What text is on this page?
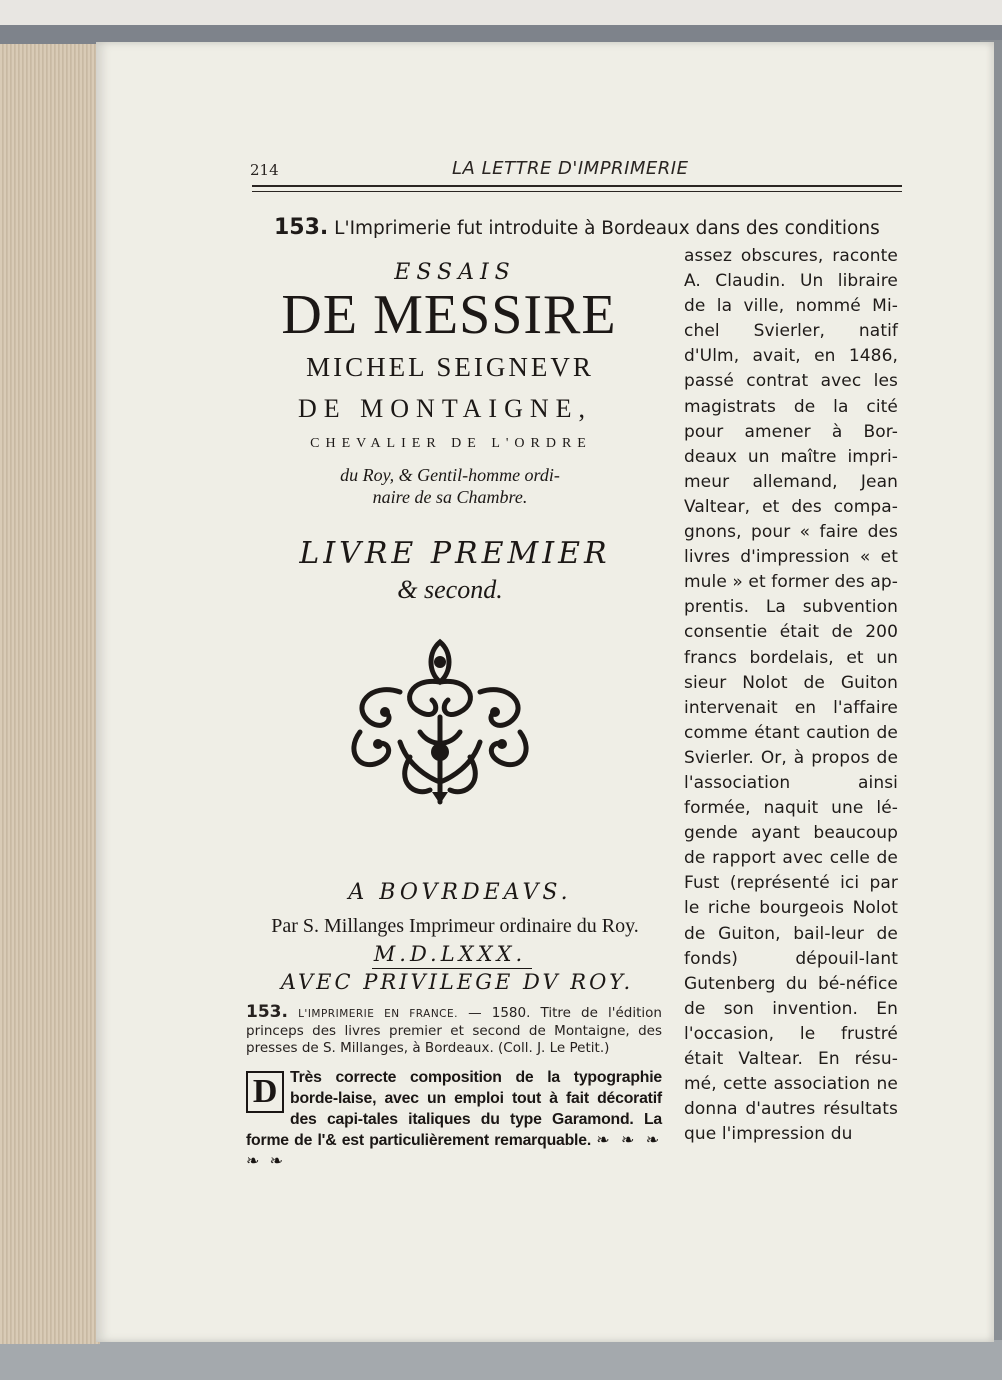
214	LA LETTRE D'IMPRIMERIE
153. L'Imprimerie fut introduite à Bordeaux dans des conditions
assez obscures, raconte A. Claudin. Un libraire de la ville, nommé Mi-chel Svierler, natif d'Ulm, avait, en 1486, passé contrat avec les magistrats de la cité pour amener à Bor-deaux un maître impri-meur allemand, Jean Valtear, et des compa-gnons, pour « faire des livres d'impression « et mule » et former des ap-prentis. La subvention consentie était de 200 francs bordelais, et un sieur Nolot de Guiton intervenait en l'affaire comme étant caution de Svierler. Or, à propos de l'association ainsi formée, naquit une lé-gende ayant beaucoup de rapport avec celle de Fust (représenté ici par le riche bourgeois Nolot de Guiton, bail-leur de fonds) dépouil-lant Gutenberg du bé-néfice de son invention. En l'occasion, le frustré était Valtear. En résu-mé, cette association ne donna d'autres résultats que l'impression du
ESSAIS
DE MESSIRE
MICHEL SEIGNEVR
DE MONTAIGNE,
CHEVALIER DE L'ORDRE
du Roy, & Gentil-homme ordi-
naire de sa Chambre.
LIVRE PREMIER
& second.
A BOVRDEAVS.
Par S. Millanges Imprimeur ordinaire du Roy.
M.D.LXXX.
AVEC PRIVILEGE DV ROY.
153. L'IMPRIMERIE EN FRANCE. — 1580. Titre de l'édition princeps des livres premier et second de Montaigne, des presses de S. Millanges, à Bordeaux. (Coll. J. Le Petit.)
D Très correcte composition de la typographie borde-laise, avec un emploi tout à fait décoratif des capi-tales italiques du type Garamond. La forme de l'& est particulièrement remarquable. ❧ ❧ ❧ ❧ ❧
